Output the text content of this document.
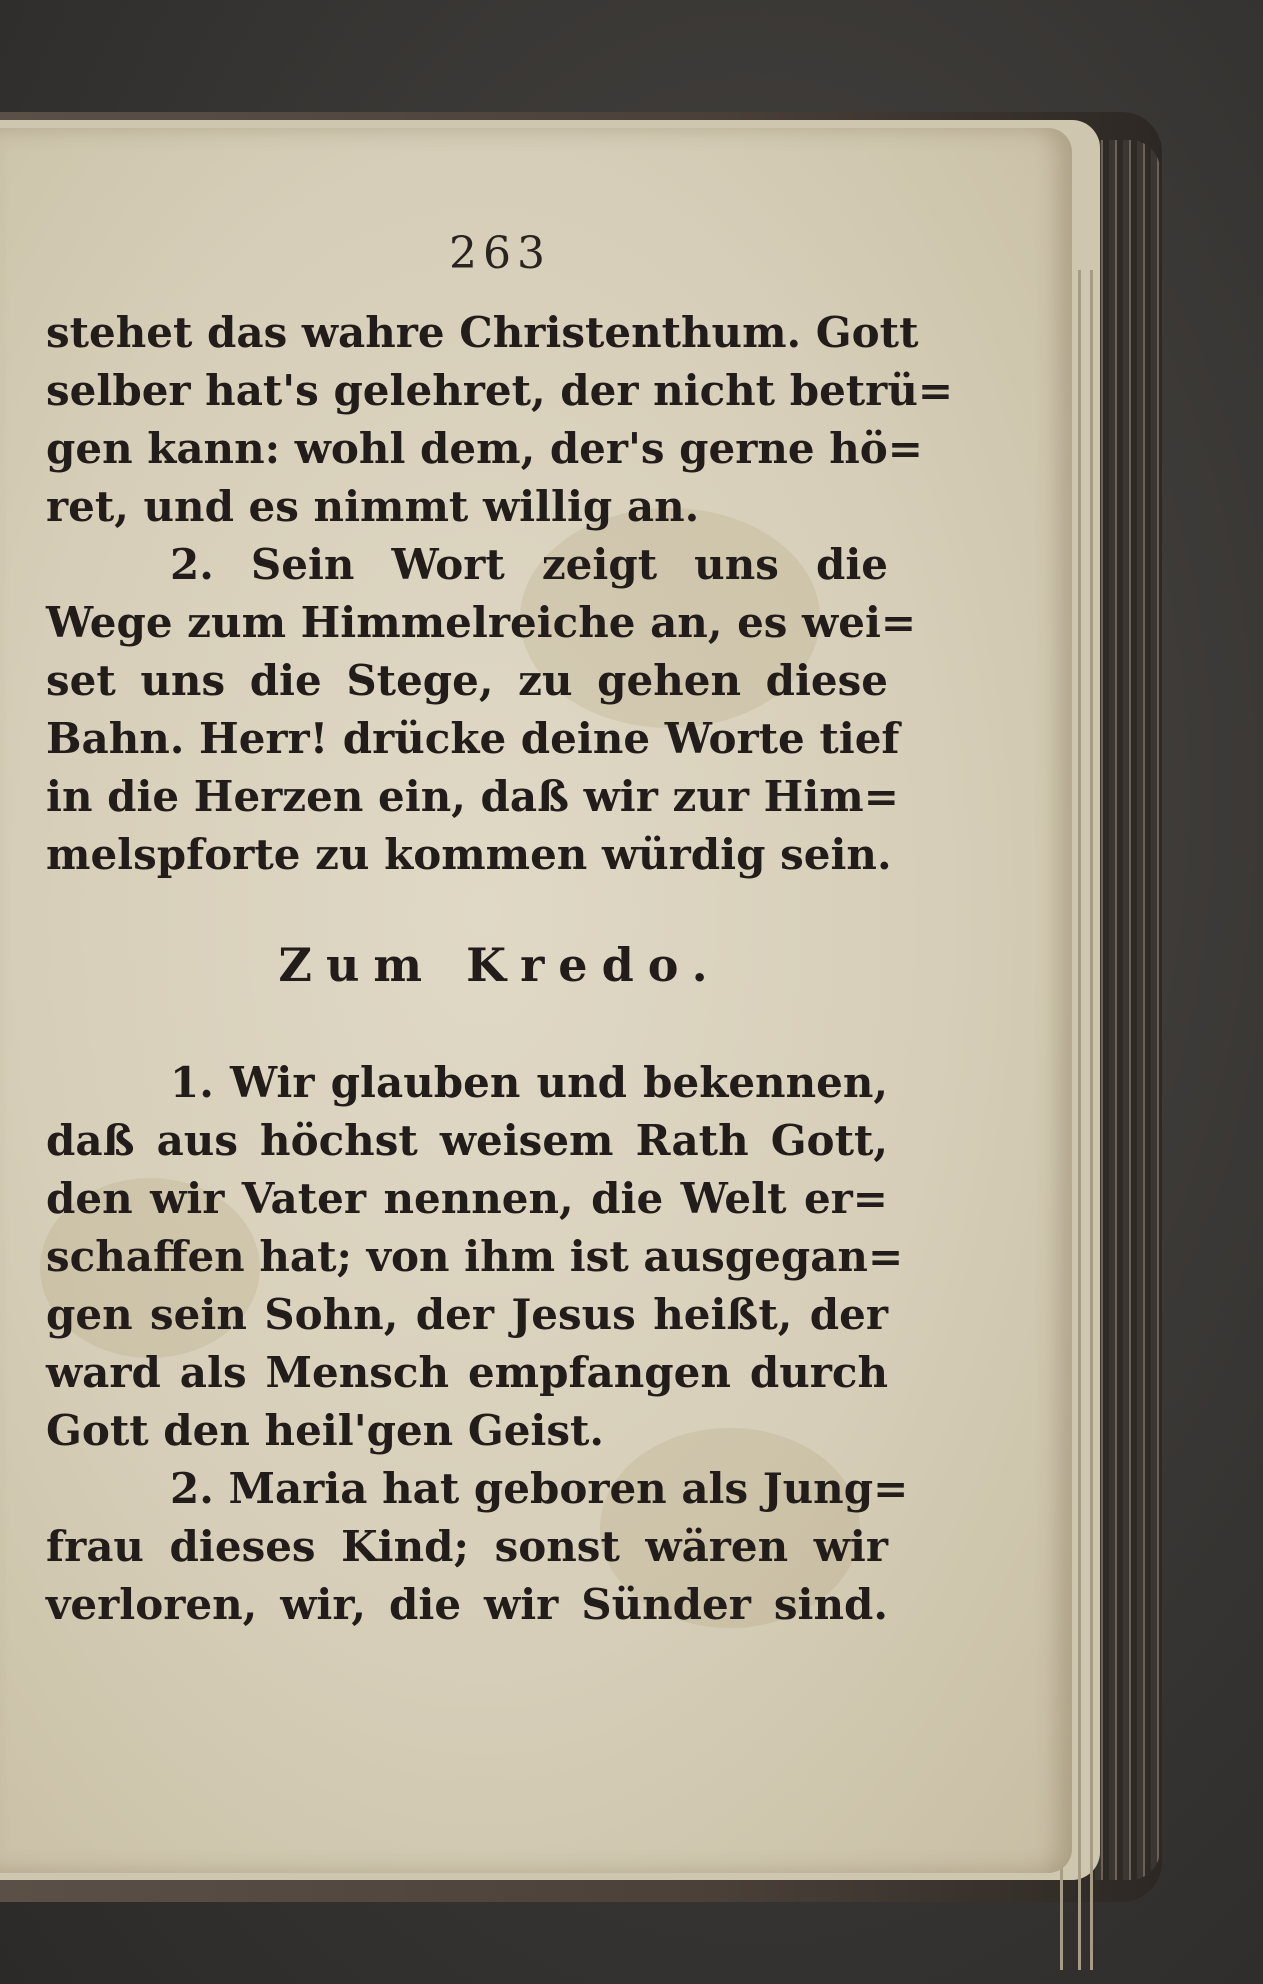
263
stehet das wahre Christenthum. Gott
selber hat's gelehret, der nicht betrü=
gen kann: wohl dem, der's gerne hö=
ret, und es nimmt willig an.
2. Sein Wort zeigt uns die
Wege zum Himmelreiche an, es wei=
set uns die Stege, zu gehen diese
Bahn. Herr! drücke deine Worte tief
in die Herzen ein, daß wir zur Him=
melspforte zu kommen würdig sein.
Zum Kredo.
1. Wir glauben und bekennen,
daß aus höchst weisem Rath Gott,
den wir Vater nennen, die Welt er=
schaffen hat; von ihm ist ausgegan=
gen sein Sohn, der Jesus heißt, der
ward als Mensch empfangen durch
Gott den heil'gen Geist.
2. Maria hat geboren als Jung=
frau dieses Kind; sonst wären wir
verloren, wir, die wir Sünder sind.
